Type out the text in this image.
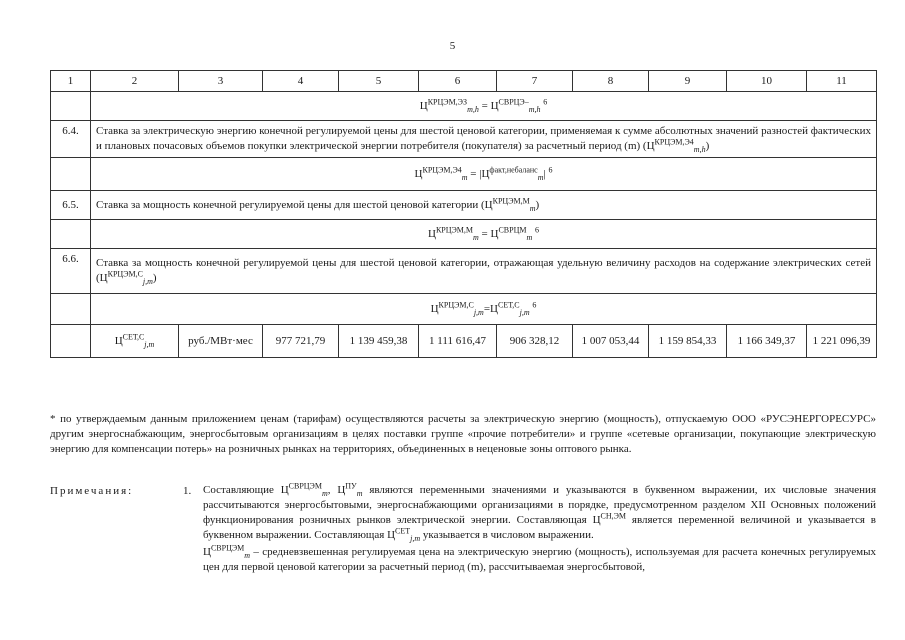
5
1	2	3	4	5	6	7	8	9	10	11
	$Ц^{КРЦЭМ,ЭЗ}_{m,h} = Ц^{СВРЦЭ-}_{m,h}$ $^6$
6.4.	Ставка за электрическую энергию конечной регулируемой цены для шестой ценовой категории, применяемая к сумме абсолютных значений разностей фактических и плановых почасовых объемов покупки электрической энергии потребителя (покупателя) за расчетный период (m) $(Ц^{КРЦЭМ,Э4}_{m,h})$									
	$Ц^{КРЦЭМ,Э4}_m = |Ц^{факт,небаланс}_m|$ $^6$
6.5.	Ставка за мощность конечной регулируемой цены для шестой ценовой категории $(Ц^{КРЦЭМ,М}_m)$									
	$Ц^{КРЦЭМ,М}_m = Ц^{СВРЦМ}_m$ $^6$
6.6.	Ставка за мощность конечной регулируемой цены для шестой ценовой категории, отражающая удельную величину расходов на содержание электрических сетей $(Ц^{КРЦЭМ,С}_{j,m})$									
	$Ц^{КРЦЭМ,С}_{j,m}=Ц^{СЕТ,С}_{j,m}$ $^6$
	$Ц^{СЕТ,С}_{j,m}$	руб./МВт·мес	977 721,79	1 139 459,38	1 111 616,47	906 328,12	1 007 053,44	1 159 854,33	1 166 349,37	1 221 096,39
* по утверждаемым данным приложением ценам (тарифам) осуществляются расчеты за электрическую энергию (мощность), отпускаемую ООО «РУСЭНЕРГОРЕСУРС» другим энергоснабжающим, энергосбытовым организациям в целях поставки группе «прочие потребители» и группе «сетевые организации, покупающие электрическую энергию для компенсации потерь» на розничных рынках на территориях, объединенных в неценовые зоны оптового рынка.
Примечания:	1. Составляющие $Ц^{СВРЦЭМ}_m$, $Ц^{ПУ}_m$ являются переменными значениями и указываются в буквенном выражении, их числовые значения рассчитываются энергосбытовыми, энергоснабжающими организациями в порядке, предусмотренном разделом XII Основных положений функционирования розничных рынков электрической энергии. Составляющая $Ц^{СН,ЭМ}$ является переменной величиной и указывается в буквенном выражении. Составляющая $Ц^{СЕТ}_{j,m}$ указывается в числовом выражении.

$Ц^{СВРЦЭМ}_m$ – средневзвешенная регулируемая цена на электрическую энергию (мощность), используемая для расчета конечных регулируемых цен для первой ценовой категории за расчетный период (m), рассчитываемая энергосбытовой,
